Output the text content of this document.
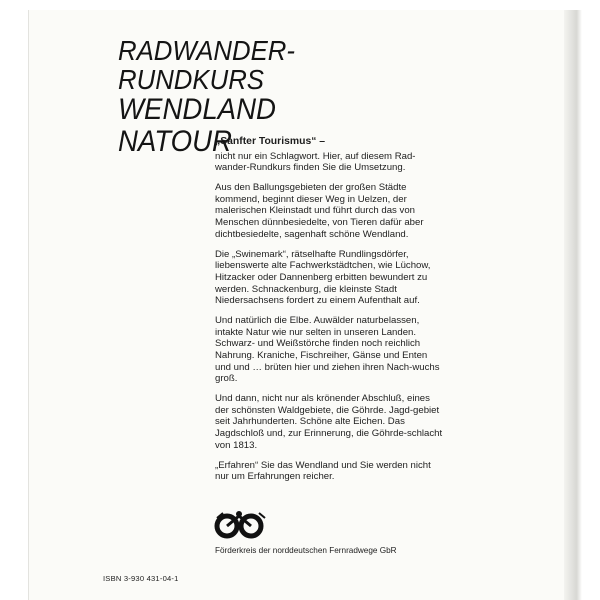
RADWANDER-
RUNDKURS
WENDLAND NATOUR

„Sanfter Tourismus“ –

nicht nur ein Schlagwort. Hier, auf diesem Rad-wander-Rundkurs finden Sie die Umsetzung.

Aus den Ballungsgebieten der großen Städte kommend, beginnt dieser Weg in Uelzen, der malerischen Kleinstadt und führt durch das von Menschen dünnbesiedelte, von Tieren dafür aber dichtbesiedelte, sagenhaft schöne Wendland.

Die „Swinemark“, rätselhafte Rundlingsdörfer, liebenswerte alte Fachwerkstädtchen, wie Lüchow, Hitzacker oder Dannenberg erbitten bewundert zu werden. Schnackenburg, die kleinste Stadt Niedersachsens fordert zu einem Aufenthalt auf.

Und natürlich die Elbe. Auwälder naturbelassen, intakte Natur wie nur selten in unseren Landen. Schwarz- und Weißstörche finden noch reichlich Nahrung. Kraniche, Fischreiher, Gänse und Enten und und … brüten hier und ziehen ihren Nach-wuchs groß.

Und dann, nicht nur als krönender Abschluß, eines der schönsten Waldgebiete, die Göhrde. Jagd-gebiet seit Jahrhunderten. Schöne alte Eichen. Das Jagdschloß und, zur Erinnerung, die Göhrde-schlacht von 1813.

„Erfahren“ Sie das Wendland und Sie werden nicht nur um Erfahrungen reicher.

Förderkreis der norddeutschen Fernradwege GbR
ISBN 3-930 431-04-1
